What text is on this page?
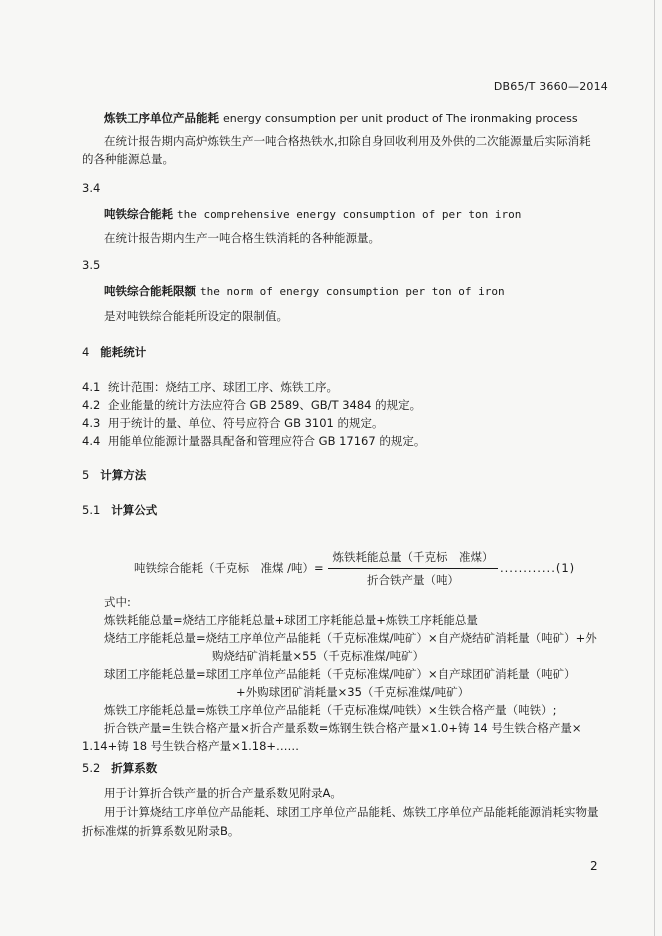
DB65/T 3660—2014
炼铁工序单位产品能耗 energy consumption per unit product of The ironmaking process
在统计报告期内高炉炼铁生产一吨合格热铁水,扣除自身回收利用及外供的二次能源量后实际消耗
的各种能源总量。
3.4
吨铁综合能耗 the comprehensive energy consumption of per ton iron
在统计报告期内生产一吨合格生铁消耗的各种能源量。
3.5
吨铁综合能耗限额 the norm of energy consumption per ton of iron
是对吨铁综合能耗所设定的限制值。
4 能耗统计
4.1 统计范围：烧结工序、球团工序、炼铁工序。
4.2 企业能量的统计方法应符合 GB 2589、GB/T 3484 的规定。
4.3 用于统计的量、单位、符号应符合 GB 3101 的规定。
4.4 用能单位能源计量器具配备和管理应符合 GB 17167 的规定。
5 计算方法
5.1 计算公式
吨铁综合能耗（千克标　准煤 /吨）=
炼铁耗能总量（千克标　准煤）
折合铁产量（吨）
............(1)
式中:
炼铁耗能总量=烧结工序能耗总量+球团工序耗能总量+炼铁工序耗能总量
烧结工序能耗总量=烧结工序单位产品能耗（千克标准煤/吨矿）×自产烧结矿消耗量（吨矿）+外
购烧结矿消耗量×55（千克标准煤/吨矿）
球团工序能耗总量=球团工序单位产品能耗（千克标准煤/吨矿）×自产球团矿消耗量（吨矿）
+外购球团矿消耗量×35（千克标准煤/吨矿）
炼铁工序能耗总量=炼铁工序单位产品能耗（千克标准煤/吨铁）×生铁合格产量（吨铁）;
折合铁产量=生铁合格产量×折合产量系数=炼钢生铁合格产量×1.0+铸 14 号生铁合格产量×
1.14+铸 18 号生铁合格产量×1.18+……
5.2 折算系数
用于计算折合铁产量的折合产量系数见附录A。
用于计算烧结工序单位产品能耗、球团工序单位产品能耗、炼铁工序单位产品能耗能源消耗实物量
折标准煤的折算系数见附录B。
2
